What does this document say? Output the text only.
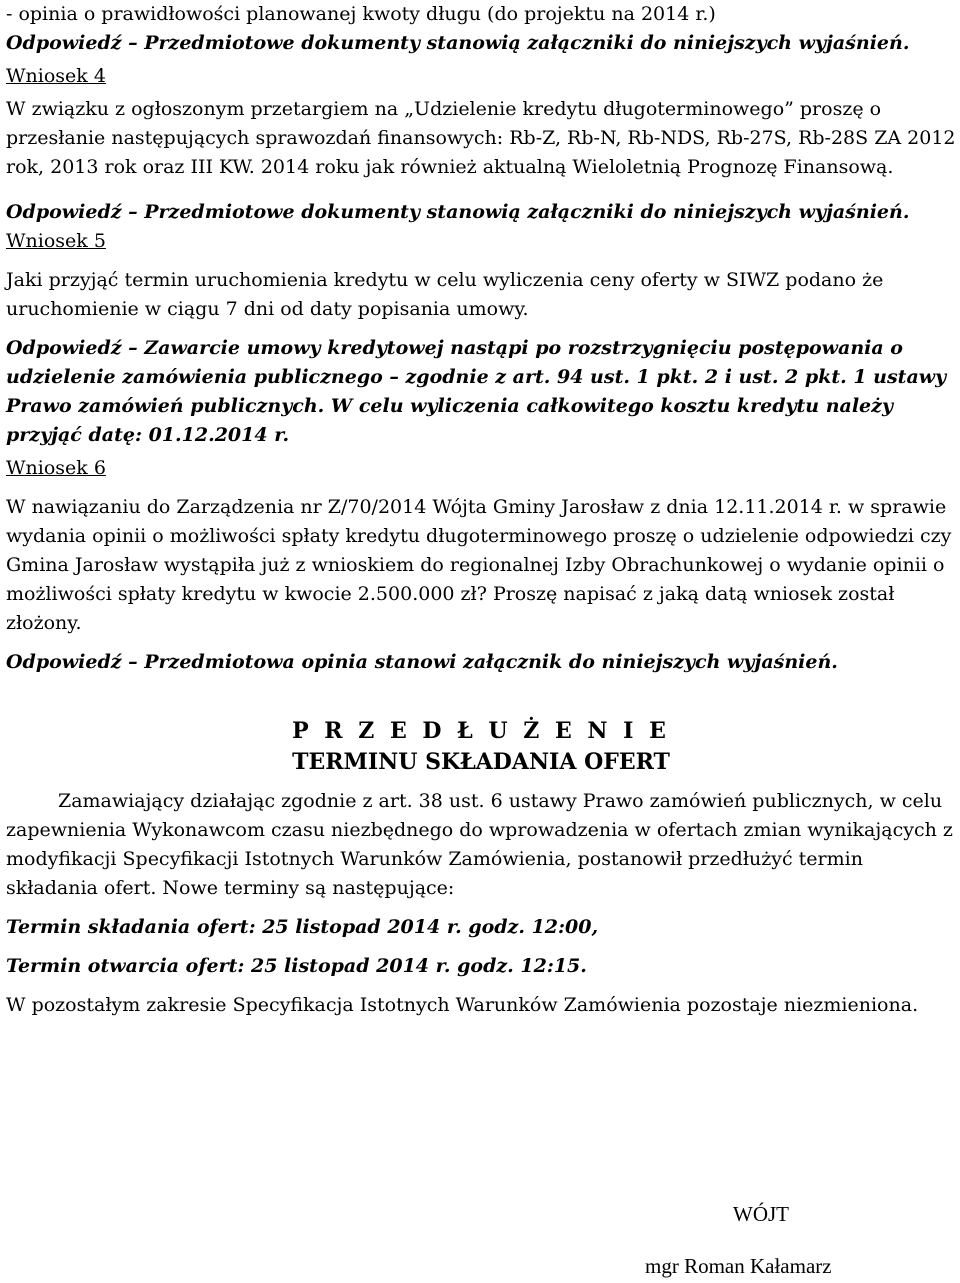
- opinia o prawidłowości planowanej kwoty długu (do projektu na 2014 r.)

Odpowiedź – Przedmiotowe dokumenty stanowią załączniki do niniejszych wyjaśnień.

Wniosek 4

W związku z ogłoszonym przetargiem na „Udzielenie kredytu długoterminowego” proszę o przesłanie następujących sprawozdań finansowych: Rb-Z, Rb-N, Rb-NDS, Rb-27S, Rb-28S ZA 2012 rok, 2013 rok oraz III KW. 2014 roku jak również aktualną Wieloletnią Prognozę Finansową.

Odpowiedź – Przedmiotowe dokumenty stanowią załączniki do niniejszych wyjaśnień.

Wniosek 5

Jaki przyjąć termin uruchomienia kredytu w celu wyliczenia ceny oferty w SIWZ podano że uruchomienie w ciągu 7 dni od daty popisania umowy.

Odpowiedź – Zawarcie umowy kredytowej nastąpi po rozstrzygnięciu postępowania o udzielenie zamówienia publicznego – zgodnie z art. 94 ust. 1 pkt. 2 i ust. 2 pkt. 1 ustawy Prawo zamówień publicznych. W celu wyliczenia całkowitego kosztu kredytu należy przyjąć datę: 01.12.2014 r.

Wniosek 6

W nawiązaniu do Zarządzenia nr Z/70/2014 Wójta Gminy Jarosław z dnia 12.11.2014 r. w sprawie wydania opinii o możliwości spłaty kredytu długoterminowego proszę o udzielenie odpowiedzi czy Gmina Jarosław wystąpiła już z wnioskiem do regionalnej Izby Obrachunkowej o wydanie opinii o możliwości spłaty kredytu w kwocie 2.500.000 zł? Proszę napisać z jaką datą wniosek został złożony.

Odpowiedź – Przedmiotowa opinia stanowi załącznik do niniejszych wyjaśnień.

P R Z E D Ł U Ż E N I E

TERMINU SKŁADANIA OFERT

Zamawiający działając zgodnie z art. 38 ust. 6 ustawy Prawo zamówień publicznych, w celu zapewnienia Wykonawcom czasu niezbędnego do wprowadzenia w ofertach zmian wynikających z modyfikacji Specyfikacji Istotnych Warunków Zamówienia, postanowił przedłużyć termin składania ofert. Nowe terminy są następujące:

Termin składania ofert: 25 listopad 2014 r. godz. 12:00,

Termin otwarcia ofert: 25 listopad 2014 r. godz. 12:15.

W pozostałym zakresie Specyfikacja Istotnych Warunków Zamówienia pozostaje niezmieniona.

WÓJT
mgr Roman Kałamarz
